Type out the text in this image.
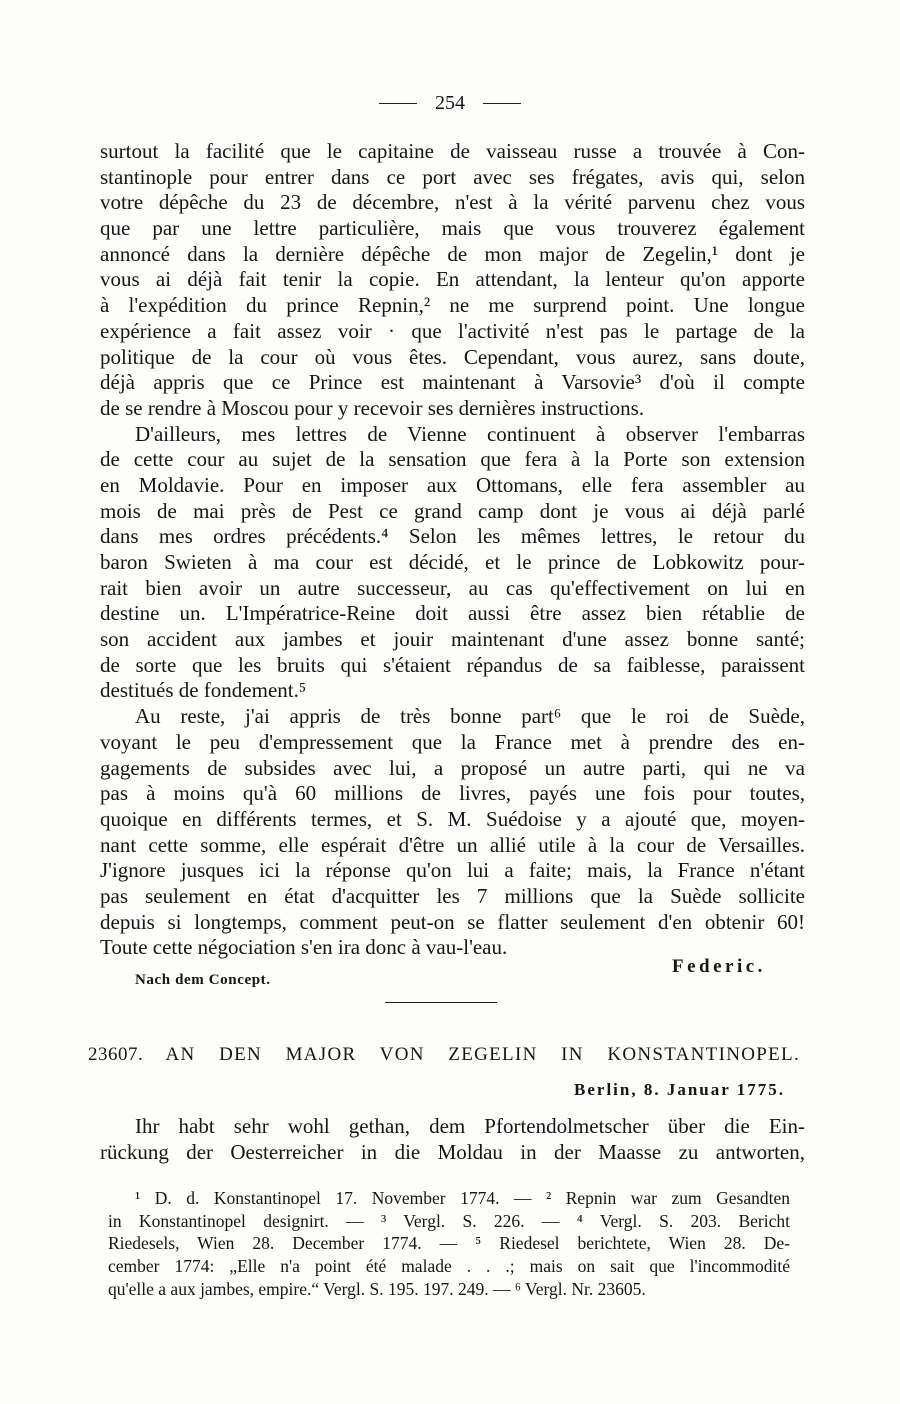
254
surtout la facilité que le capitaine de vaisseau russe a trouvée à Con-
stantinople pour entrer dans ce port avec ses frégates, avis qui, selon
votre dépêche du 23 de décembre, n'est à la vérité parvenu chez vous
que par une lettre particulière, mais que vous trouverez également
annoncé dans la dernière dépêche de mon major de Zegelin,¹ dont je
vous ai déjà fait tenir la copie. En attendant, la lenteur qu'on apporte
à l'expédition du prince Repnin,² ne me surprend point. Une longue
expérience a fait assez voir · que l'activité n'est pas le partage de la
politique de la cour où vous êtes. Cependant, vous aurez, sans doute,
déjà appris que ce Prince est maintenant à Varsovie³ d'où il compte
de se rendre à Moscou pour y recevoir ses dernières instructions.
D'ailleurs, mes lettres de Vienne continuent à observer l'embarras
de cette cour au sujet de la sensation que fera à la Porte son extension
en Moldavie. Pour en imposer aux Ottomans, elle fera assembler au
mois de mai près de Pest ce grand camp dont je vous ai déjà parlé
dans mes ordres précédents.⁴ Selon les mêmes lettres, le retour du
baron Swieten à ma cour est décidé, et le prince de Lobkowitz pour-
rait bien avoir un autre successeur, au cas qu'effectivement on lui en
destine un. L'Impératrice-Reine doit aussi être assez bien rétablie de
son accident aux jambes et jouir maintenant d'une assez bonne santé;
de sorte que les bruits qui s'étaient répandus de sa faiblesse, paraissent
destitués de fondement.⁵
Au reste, j'ai appris de très bonne part⁶ que le roi de Suède,
voyant le peu d'empressement que la France met à prendre des en-
gagements de subsides avec lui, a proposé un autre parti, qui ne va
pas à moins qu'à 60 millions de livres, payés une fois pour toutes,
quoique en différents termes, et S. M. Suédoise y a ajouté que, moyen-
nant cette somme, elle espérait d'être un allié utile à la cour de Versailles.
J'ignore jusques ici la réponse qu'on lui a faite; mais, la France n'étant
pas seulement en état d'acquitter les 7 millions que la Suède sollicite
depuis si longtemps, comment peut-on se flatter seulement d'en obtenir 60!
Toute cette négociation s'en ira donc à vau-l'eau.
Federic.
Nach dem Concept.
23607. AN DEN MAJOR VON ZEGELIN IN KONSTANTINOPEL.
Berlin, 8. Januar 1775.
Ihr habt sehr wohl gethan, dem Pfortendolmetscher über die Ein-
rückung der Oesterreicher in die Moldau in der Maasse zu antworten,
¹ D. d. Konstantinopel 17. November 1774. — ² Repnin war zum Gesandten
in Konstantinopel designirt. — ³ Vergl. S. 226. — ⁴ Vergl. S. 203. Bericht
Riedesels, Wien 28. December 1774. — ⁵ Riedesel berichtete, Wien 28. De-
cember 1774: „Elle n'a point été malade . . .; mais on sait que l'incommodité
qu'elle a aux jambes, empire.“ Vergl. S. 195. 197. 249. — ⁶ Vergl. Nr. 23605.
